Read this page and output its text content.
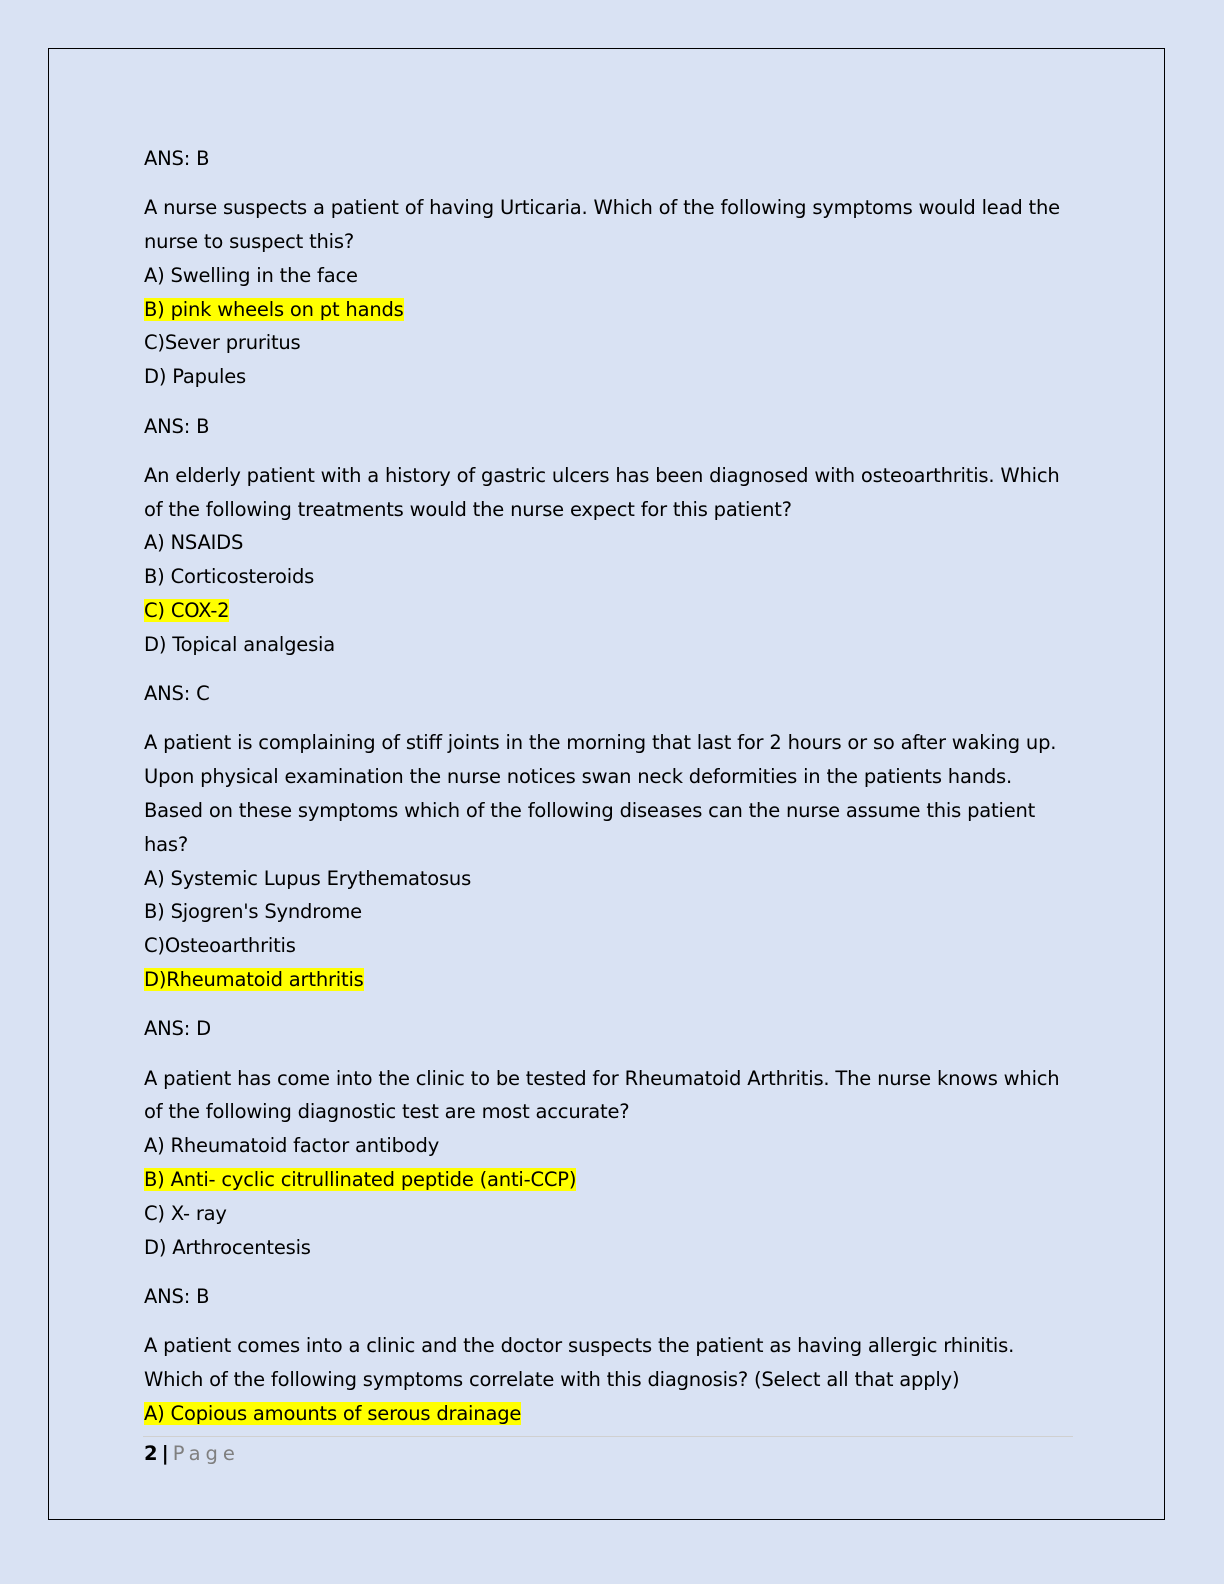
ANS: B
A nurse suspects a patient of having Urticaria. Which of the following symptoms would lead the
nurse to suspect this?
A) Swelling in the face
B) pink wheels on pt hands
C)Sever pruritus
D) Papules
ANS: B
An elderly patient with a history of gastric ulcers has been diagnosed with osteoarthritis. Which
of the following treatments would the nurse expect for this patient?
A) NSAIDS
B) Corticosteroids
C) COX-2
D) Topical analgesia
ANS: C
A patient is complaining of stiff joints in the morning that last for 2 hours or so after waking up.
Upon physical examination the nurse notices swan neck deformities in the patients hands.
Based on these symptoms which of the following diseases can the nurse assume this patient
has?
A) Systemic Lupus Erythematosus
B) Sjogren's Syndrome
C)Osteoarthritis
D)Rheumatoid arthritis
ANS: D
A patient has come into the clinic to be tested for Rheumatoid Arthritis. The nurse knows which
of the following diagnostic test are most accurate?
A) Rheumatoid factor antibody
B) Anti- cyclic citrullinated peptide (anti-CCP)
C) X- ray
D) Arthrocentesis
ANS: B
A patient comes into a clinic and the doctor suspects the patient as having allergic rhinitis.
Which of the following symptoms correlate with this diagnosis? (Select all that apply)
A) Copious amounts of serous drainage
2 | Page
